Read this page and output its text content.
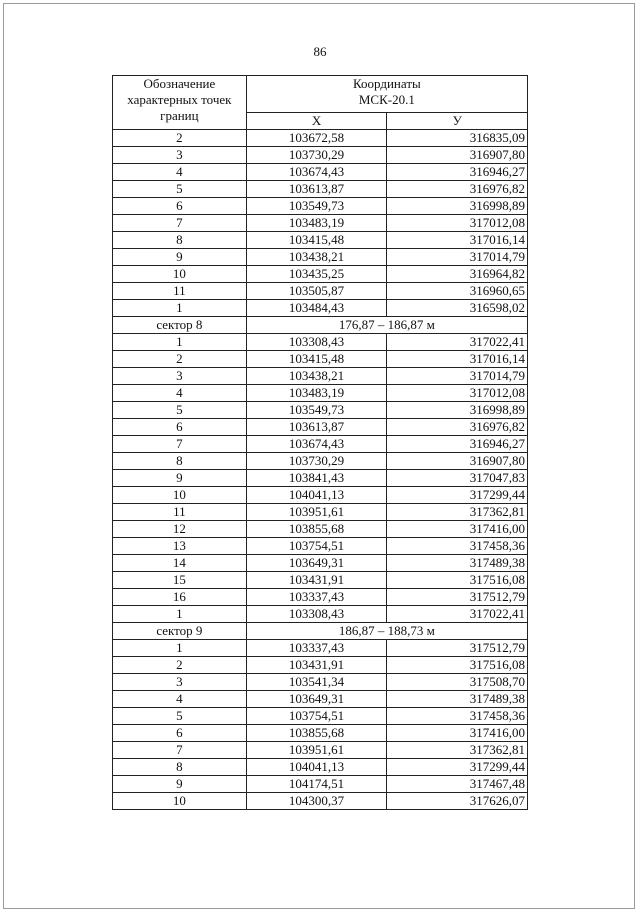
86
Обозначение
характерных точек
границ	Координаты
МСК-20.1	
	Х	У
2	103672,58	316835,09
3	103730,29	316907,80
4	103674,43	316946,27
5	103613,87	316976,82
6	103549,73	316998,89
7	103483,19	317012,08
8	103415,48	317016,14
9	103438,21	317014,79
10	103435,25	316964,82
11	103505,87	316960,65
1	103484,43	316598,02
сектор 8	176,87 – 186,87 м	
1	103308,43	317022,41
2	103415,48	317016,14
3	103438,21	317014,79
4	103483,19	317012,08
5	103549,73	316998,89
6	103613,87	316976,82
7	103674,43	316946,27
8	103730,29	316907,80
9	103841,43	317047,83
10	104041,13	317299,44
11	103951,61	317362,81
12	103855,68	317416,00
13	103754,51	317458,36
14	103649,31	317489,38
15	103431,91	317516,08
16	103337,43	317512,79
1	103308,43	317022,41
сектор 9	186,87 – 188,73 м	
1	103337,43	317512,79
2	103431,91	317516,08
3	103541,34	317508,70
4	103649,31	317489,38
5	103754,51	317458,36
6	103855,68	317416,00
7	103951,61	317362,81
8	104041,13	317299,44
9	104174,51	317467,48
10	104300,37	317626,07
